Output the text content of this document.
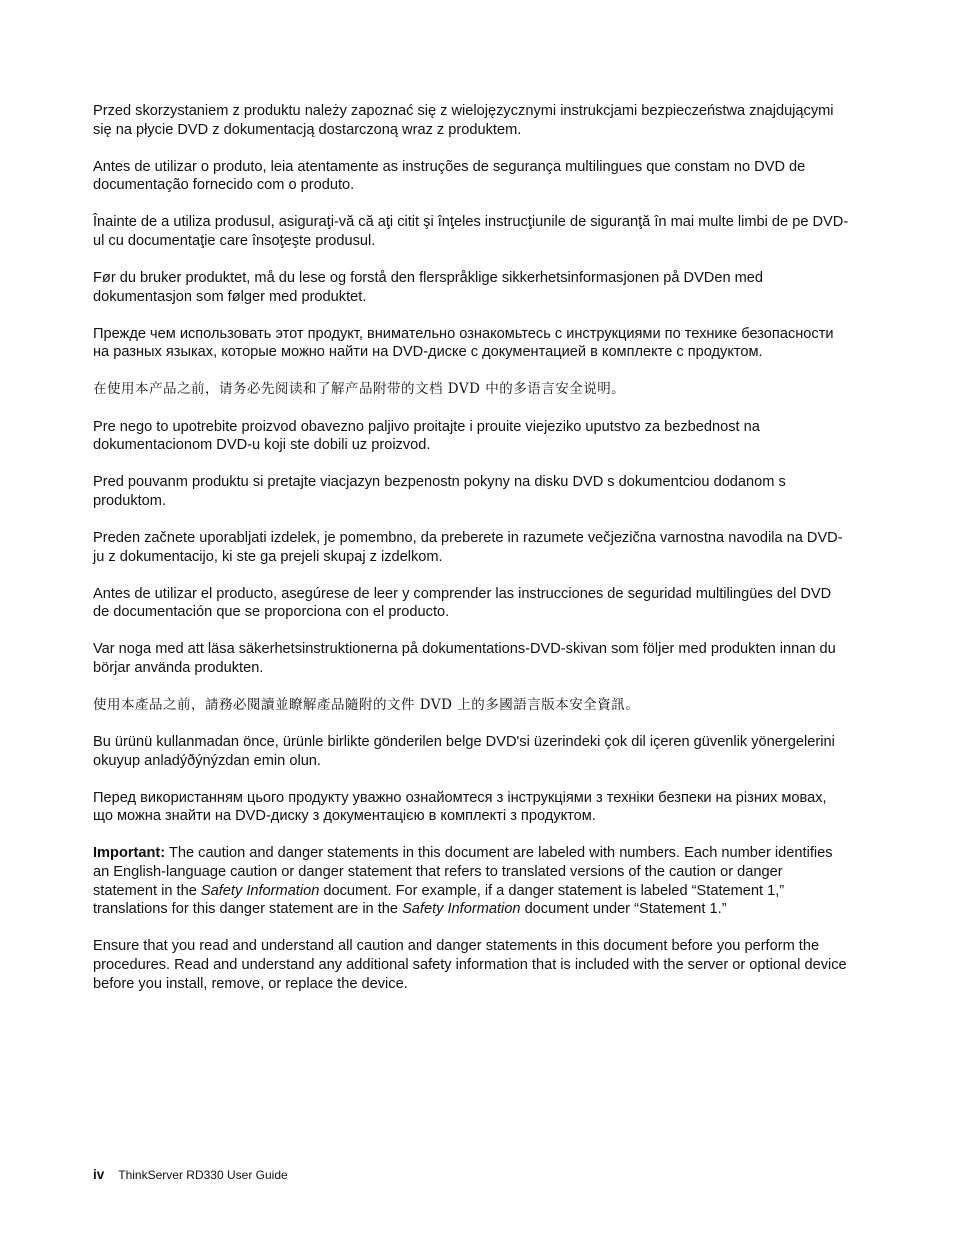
Przed skorzystaniem z produktu należy zapoznać się z wielojęzycznymi instrukcjami bezpieczeństwa znajdującymi się na płycie DVD z dokumentacją dostarczoną wraz z produktem.

Antes de utilizar o produto, leia atentamente as instruções de segurança multilingues que constam no DVD de documentação fornecido com o produto.

Înainte de a utiliza produsul, asiguraţi-vă că aţi citit şi înţeles instrucţiunile de siguranţă în mai multe limbi de pe DVD-ul cu documentaţie care însoţeşte produsul.

Før du bruker produktet, må du lese og forstå den flerspråklige sikkerhetsinformasjonen på DVDen med dokumentasjon som følger med produktet.

Прежде чем использовать этот продукт, внимательно ознакомьтесь с инструкциями по технике безопасности на разных языках, которые можно найти на DVD-диске с документацией в комплекте с продуктом.

在使用本产品之前，请务必先阅读和了解产品附带的文档 DVD 中的多语言安全说明。

Pre nego to upotrebite proizvod obavezno paljivo proitajte i prouite viejeziko uputstvo za bezbednost na dokumentacionom DVD-u koji ste dobili uz proizvod.

Pred pouvanm produktu si pretajte viacjazyn bezpenostn pokyny na disku DVD s dokumentciou dodanom s produktom.

Preden začnete uporabljati izdelek, je pomembno, da preberete in razumete večjezična varnostna navodila na DVD-ju z dokumentacijo, ki ste ga prejeli skupaj z izdelkom.

Antes de utilizar el producto, asegúrese de leer y comprender las instrucciones de seguridad multilingües del DVD de documentación que se proporciona con el producto.

Var noga med att läsa säkerhetsinstruktionerna på dokumentations-DVD-skivan som följer med produkten innan du börjar använda produkten.

使用本產品之前，請務必閱讀並瞭解產品隨附的文件 DVD 上的多國語言版本安全資訊。

Bu ürünü kullanmadan önce, ürünle birlikte gönderilen belge DVD'si üzerindeki çok dil içeren güvenlik yönergelerini okuyup anladýðýnýzdan emin olun.

Перед використанням цього продукту уважно ознайомтеся з інструкціями з техніки безпеки на різних мовах, що можна знайти на DVD-диску з документацією в комплекті з продуктом.

Important: The caution and danger statements in this document are labeled with numbers. Each number identifies an English-language caution or danger statement that refers to translated versions of the caution or danger statement in the Safety Information document. For example, if a danger statement is labeled “Statement 1,” translations for this danger statement are in the Safety Information document under “Statement 1.”

Ensure that you read and understand all caution and danger statements in this document before you perform the procedures. Read and understand any additional safety information that is included with the server or optional device before you install, remove, or replace the device.

iv ThinkServer RD330 User Guide
